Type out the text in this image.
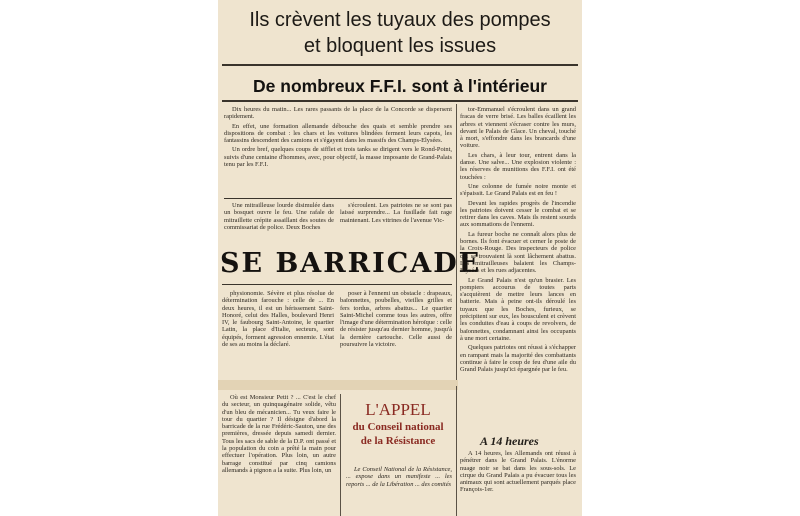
Ils crèvent les tuyaux des pompes
et bloquent les issues
De nombreux F.F.I. sont à l'intérieur

Dix heures du matin... Les rares passants de la place de la Concorde se dispersent rapidement.

En effet, une formation allemande débouche des quais et semble prendre ses dispositions de combat : les chars et les voitures blindées ferment leurs capots, les fantassins descendent des camions et s'égayent dans les massifs des Champs-Elysées.

Un ordre bref, quelques coups de sifflet et trois tanks se dirigent vers le Rond-Point, suivis d'une centaine d'hommes, avec, pour objectif, la masse imposante de Grand-Palais tenu par les F.F.I.

Une mitrailleuse lourde disimulée dans un bosquet ouvre le feu. Une rafale de mitraillette crépite assaillant des soutes de commissariat de police. Deux Boches

s'écroulent. Les patriotes ne se sont pas laissé surprendre... La fusillade fait rage maintenant. Les vitrines de l'avenue Vic-

tor-Emmanuel s'écroulent dans un grand fracas de verre brisé. Les balles écaillent les arbres et viennent s'écraser contre les murs, devant le Palais de Glace. Un cheval, touché à mort, s'effondre dans les brancards d'une voiture.

Les chars, à leur tour, entrent dans la danse. Une salve... Une explosion violente : les réserves de munitions des F.F.I. ont été touchées :

Une colonne de fumée noire monte et s'épaissit. Le Grand Palais est en feu !

Devant les rapides progrès de l'incendie les patriotes doivent cesser le combat et se retirer dans les caves. Mais ils restent sourds aux sommations de l'ennemi.

La fureur boche ne connaît alors plus de bornes. Ils font évacuer et cerner le poste de la Croix-Rouge. Des inspecteurs de police qui se trouvaient là sont lâchement abattus. Les mitrailleuses balaient les Champs-Elysées et les rues adjacentes.

Le Grand Palais n'est qu'un brasier. Les pompiers accourus de toutes parts s'acquièrent de mettre leurs lances en batterie. Mais à peine ont-ils déroulé les tuyaux que les Boches, furieux, se précipitent sur eux, les bousculent et crèvent les conduites d'eau à coups de revolvers, de baïonnettes, condamnant ainsi les occupants à une mort certaine.

Quelques patriotes ont réussi à s'échapper en rampant mais la majorité des combattants continue à faire le coup de feu d'une aile du Grand Palais jusqu'ici épargnée par le feu.

SE BARRICADE

physionomie. Sévère et plus résolue de détermination farouche : celle de ... En deux heures, il est un hérissement Saint-Honoré, celui des Halles, boulevard Henri IV, le faubourg Saint-Antoine, le quartier Latin, la place d'Italie, secteurs, sont équipés, forment agression ennemie. L'état de ses au moins la déclaré.

poser à l'ennemi un obstacle : drapeaux, baïonnettes, poubelles, vieilles grilles et fers tordus, arbres abattus... Le quartier Saint-Michel comme tous les autres, offre l'image d'une détermination héroïque : celle de résister jusqu'au dernier homme, jusqu'à la dernière cartouche. Celle aussi de poursuivre la victoire.

Où est Monsieur Petit ? ... C'est le chef du secteur, un quinquagénaire solide, vêtu d'un bleu de mécanicien... Tu veux faire le tour du quartier ? Il désigne d'abord la barricade de la rue Frédéric-Sauton, une des premières, dressée depuis samedi dernier. Tous les sacs de sable de la D.P. ont passé et la population du coin a prêté la main pour effectuer l'opération. Plus loin, un autre barrage constitué par cinq camions allemands à pignon a la suite. Plus loin, un

L'APPEL
du Conseil national
de la Résistance

Le Conseil National de la Résistance, ... expose dans un manifeste ... les reports ... de la Libération ... des comités

A 14 heures

A 14 heures, les Allemands ont réussi à pénétrer dans le Grand Palais. L'énorme nuage noir se bat dans les sous-sols. Le cirque du Grand Palais a pu évacuer tous les animaux qui sont actuellement parqués place François-1er.
